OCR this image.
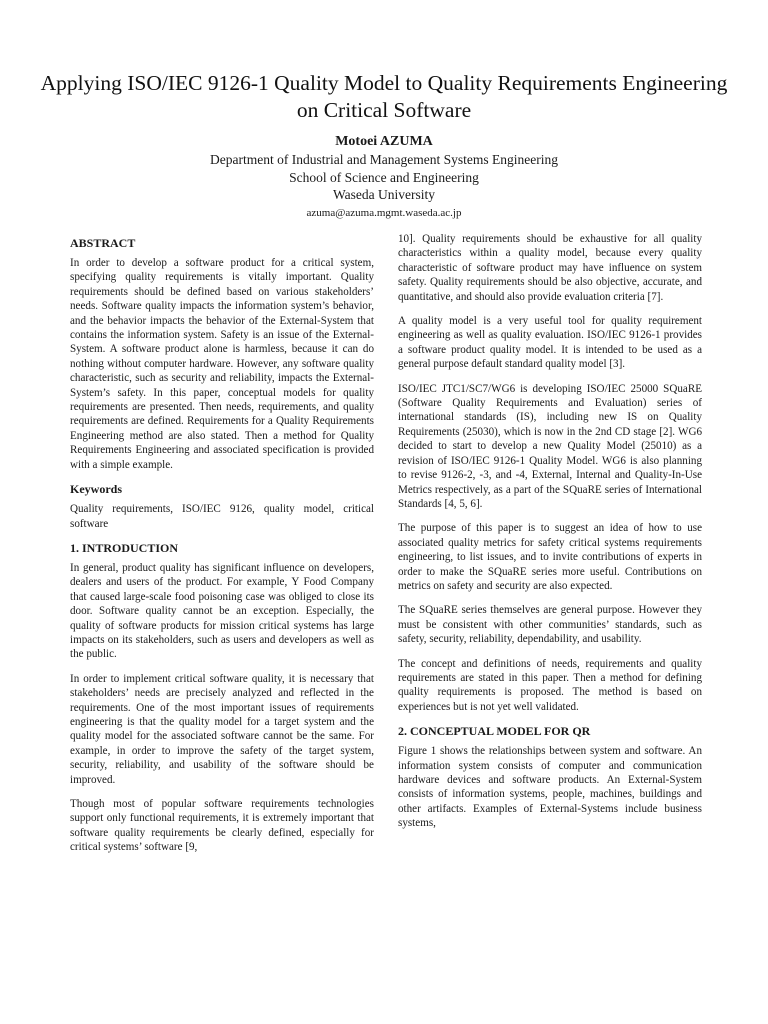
Applying ISO/IEC 9126-1 Quality Model to Quality Requirements Engineering on Critical Software
Motoei AZUMA
Department of Industrial and Management Systems Engineering
School of Science and Engineering
Waseda University
azuma@azuma.mgmt.waseda.ac.jp
ABSTRACT

In order to develop a software product for a critical system, specifying quality requirements is vitally important. Quality requirements should be defined based on various stakeholders’ needs. Software quality impacts the information system’s behavior, and the behavior impacts the behavior of the External-System that contains the information system. Safety is an issue of the External-System. A software product alone is harmless, because it can do nothing without computer hardware. However, any software quality characteristic, such as security and reliability, impacts the External-System’s safety. In this paper, conceptual models for quality requirements are presented. Then needs, requirements, and quality requirements are defined. Requirements for a Quality Requirements Engineering method are also stated. Then a method for Quality Requirements Engineering and associated specification is provided with a simple example.

Keywords

Quality requirements, ISO/IEC 9126, quality model, critical software

1. INTRODUCTION

In general, product quality has significant influence on developers, dealers and users of the product. For example, Y Food Company that caused large-scale food poisoning case was obliged to close its door. Software quality cannot be an exception. Especially, the quality of software products for mission critical systems has large impacts on its stakeholders, such as users and developers as well as the public.

In order to implement critical software quality, it is necessary that stakeholders’ needs are precisely analyzed and reflected in the requirements. One of the most important issues of requirements engineering is that the quality model for a target system and the quality model for the associated software cannot be the same. For example, in order to improve the safety of the target system, security, reliability, and usability of the software should be improved.

Though most of popular software requirements technologies support only functional requirements, it is extremely important that software quality requirements be clearly defined, especially for critical systems’ software [9,

10]. Quality requirements should be exhaustive for all quality characteristics within a quality model, because every quality characteristic of software product may have influence on system safety. Quality requirements should be also objective, accurate, and quantitative, and should also provide evaluation criteria [7].

A quality model is a very useful tool for quality requirement engineering as well as quality evaluation. ISO/IEC 9126-1 provides a software product quality model. It is intended to be used as a general purpose default standard quality model [3].

ISO/IEC JTC1/SC7/WG6 is developing ISO/IEC 25000 SQuaRE (Software Quality Requirements and Evaluation) series of international standards (IS), including new IS on Quality Requirements (25030), which is now in the 2nd CD stage [2]. WG6 decided to start to develop a new Quality Model (25010) as a revision of ISO/IEC 9126-1 Quality Model. WG6 is also planning to revise 9126-2, -3, and -4, External, Internal and Quality-In-Use Metrics respectively, as a part of the SQuaRE series of International Standards [4, 5, 6].

The purpose of this paper is to suggest an idea of how to use associated quality metrics for safety critical systems requirements engineering, to list issues, and to invite contributions of experts in order to make the SQuaRE series more useful. Contributions on metrics on safety and security are also expected.

The SQuaRE series themselves are general purpose. However they must be consistent with other communities’ standards, such as safety, security, reliability, dependability, and usability.

The concept and definitions of needs, requirements and quality requirements are stated in this paper. Then a method for defining quality requirements is proposed. The method is based on experiences but is not yet well validated.

2. CONCEPTUAL MODEL FOR QR

Figure 1 shows the relationships between system and software. An information system consists of computer and communication hardware devices and software products. An External-System consists of information systems, people, machines, buildings and other artifacts. Examples of External-Systems include business systems,
